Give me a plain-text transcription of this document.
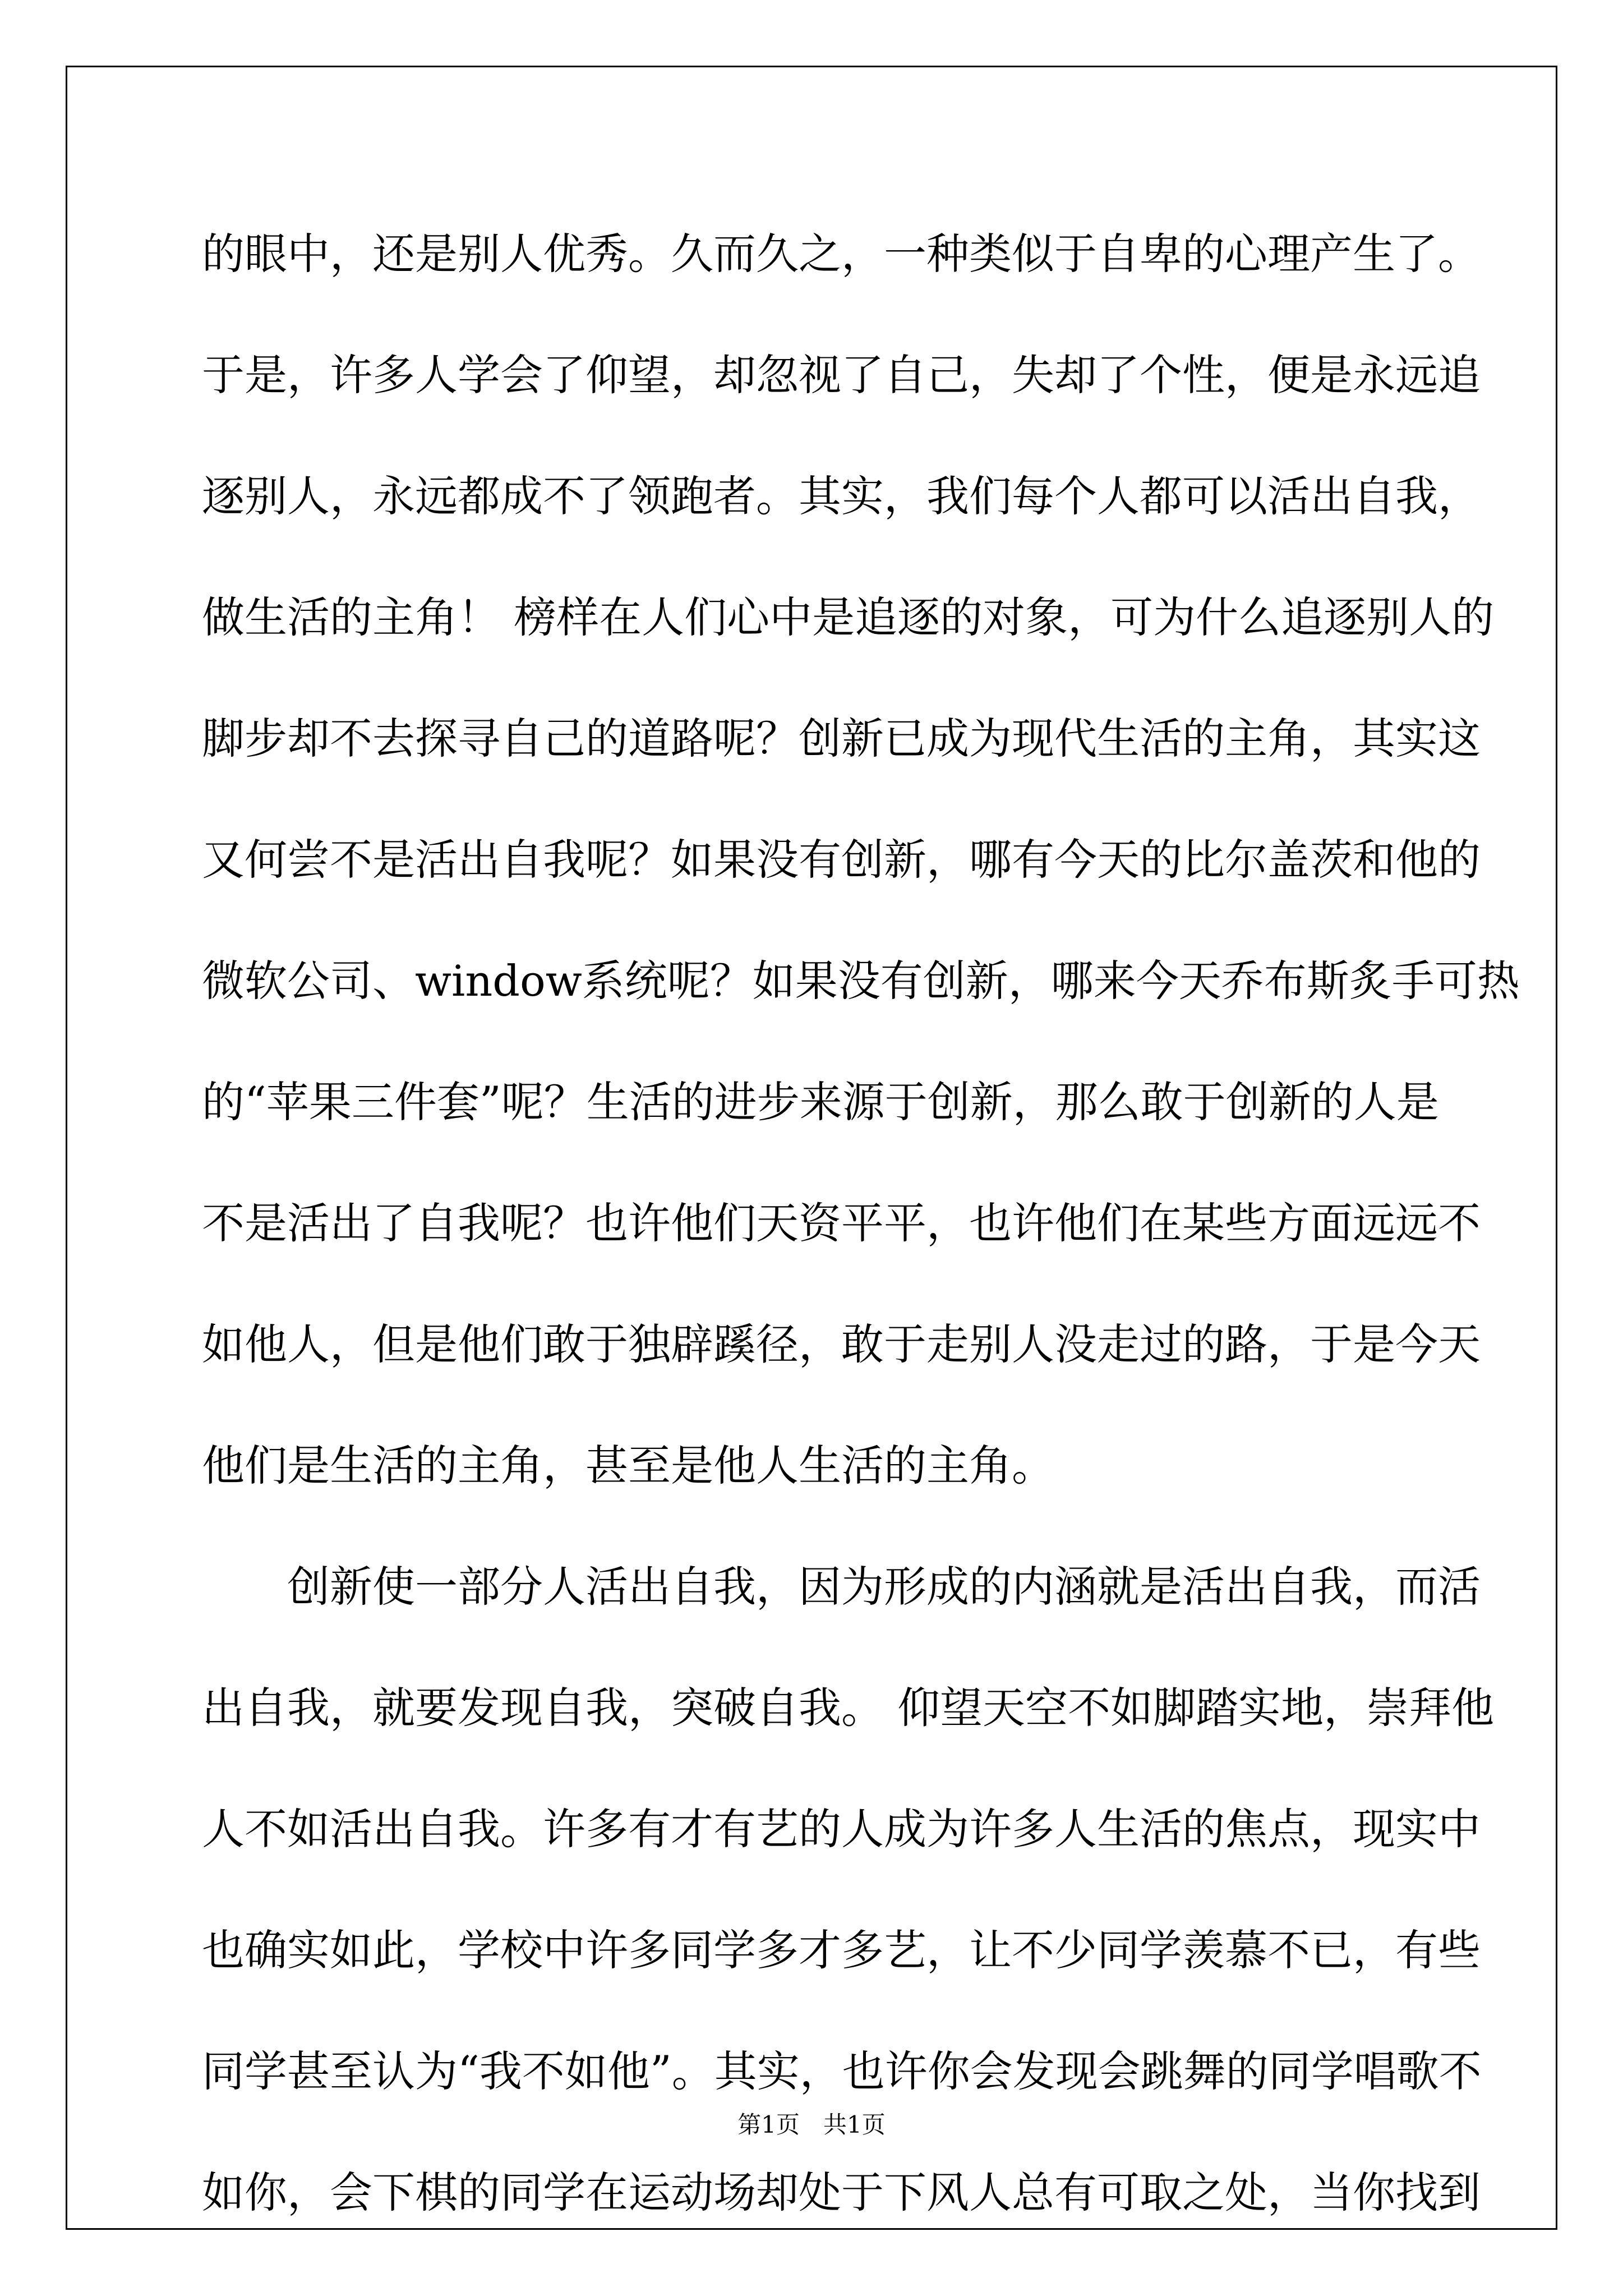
的眼中，还是别人优秀。久而久之，一种类似于自卑的心理产生了。
于是，许多人学会了仰望，却忽视了自己，失却了个性，便是永远追
逐别人，永远都成不了领跑者。其实，我们每个人都可以活出自我，
做生活的主角！ 榜样在人们心中是追逐的对象，可为什么追逐别人的
脚步却不去探寻自己的道路呢？创新已成为现代生活的主角，其实这
又何尝不是活出自我呢？如果没有创新，哪有今天的比尔盖茨和他的
微软公司、window系统呢？如果没有创新，哪来今天乔布斯炙手可热
的“苹果三件套”呢？生活的进步来源于创新，那么敢于创新的人是
不是活出了自我呢？也许他们天资平平，也许他们在某些方面远远不
如他人，但是他们敢于独辟蹊径，敢于走别人没走过的路，于是今天
他们是生活的主角，甚至是他人生活的主角。
创新使一部分人活出自我，因为形成的内涵就是活出自我，而活
出自我，就要发现自我，突破自我。 仰望天空不如脚踏实地，崇拜他
人不如活出自我。许多有才有艺的人成为许多人生活的焦点，现实中
也确实如此，学校中许多同学多才多艺，让不少同学羡慕不已，有些
同学甚至认为“我不如他”。其实，也许你会发现会跳舞的同学唱歌不
如你，会下棋的同学在运动场却处于下风人总有可取之处，当你找到
第1页　共1页
